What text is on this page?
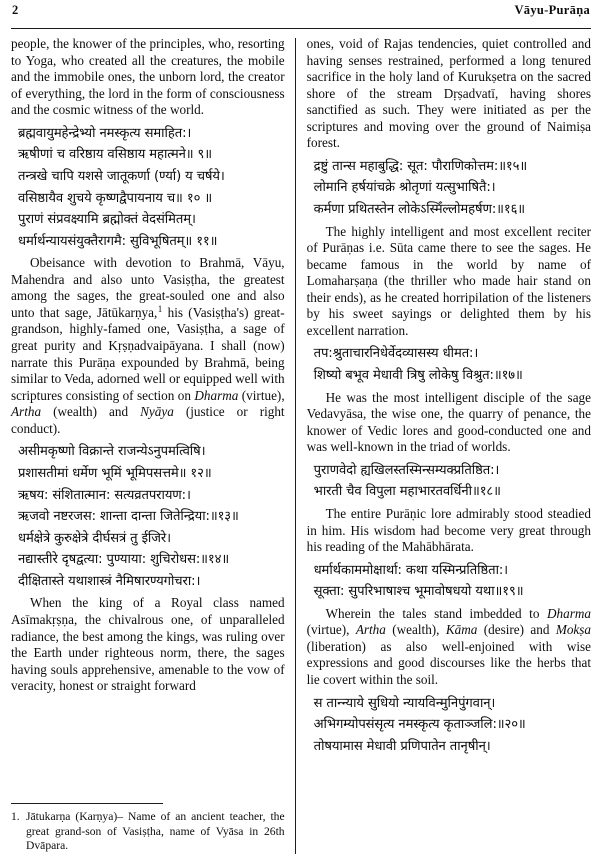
2	Vāyu-Purāṇa

people, the knower of the principles, who, resorting to Yoga, who created all the creatures, the mobile and the immobile ones, the unborn lord, the creator of everything, the lord in the form of consciousness and the cosmic witness of the world.

ब्रह्मवायुमहेन्द्रेभ्यो नमस्कृत्य समाहित:।
ऋषीणां च वरिष्ठाय वसिष्ठाय महात्मने॥ ९॥
तन्त्रखे चापि यशसे जातूकर्णा (र्ण्या) य चर्षये।
वसिष्ठायैव शुचये कृष्णद्वैपायनाय च॥ १० ॥
पुराणं संप्रवक्ष्यामि ब्रह्मोक्तं वेदसंमितम्।
धर्मार्थन्यायसंयुक्तैरागमै: सुविभूषितम्॥ ११॥

Obeisance with devotion to Brahmā, Vāyu, Mahendra and also unto Vasiṣṭha, the greatest among the sages, the great-souled one and also unto that sage, Jātūkarṇya,$^1$ his (Vasiṣṭha's) great-grandson, highly-famed one, Vasiṣṭha, a sage of great purity and Kṛṣṇadvaipāyana. I shall (now) narrate this Purāṇa expounded by Brahmā, being similar to Veda, adorned well or equipped well with scriptures consisting of section on Dharma (virtue), Artha (wealth) and Nyāya (justice or right conduct).

असीमकृष्णो विक्रान्ते राजन्येऽनुपमत्विषि।
प्रशासतीमां धर्मेण भूमिं भूमिपसत्तमे॥ १२॥
ऋषय: संशितात्मान: सत्यव्रतपरायण:।
ऋजवो नष्टरजस: शान्ता दान्ता जितेन्द्रिया:॥१३॥
धर्मक्षेत्रे कुरुक्षेत्रे दीर्घसत्रं तु ईजिरे।
नद्यास्तीरे दृषद्वत्या: पुण्याया: शुचिरोधस:॥१४॥
दीक्षितास्ते यथाशास्त्रं नैमिषारण्यगोचरा:।

When the king of a Royal class named Asīmakṛṣṇa, the chivalrous one, of unparalleled radiance, the best among the kings, was ruling over the Earth under righteous norm, there, the sages having souls apprehensive, amenable to the vow of veracity, honest or straight forward

1. Jātukarṇa (Karṇya)– Name of an ancient teacher, the great grand-son of Vasiṣṭha, name of Vyāsa in 26th Dvāpara.

ones, void of Rajas tendencies, quiet controlled and having senses restrained, performed a long tenured sacrifice in the holy land of Kurukṣetra on the sacred shore of the stream Dṛṣadvatī, having shores sanctified as such. They were initiated as per the scriptures and moving over the ground of Naimiṣa forest.

द्रष्टुं तान्स महाबुद्धि: सूत: पौराणिकोत्तम:॥१५॥
लोमानि हर्षयांचक्रे श्रोतृणां यत्सुभाषितै:।
कर्मणा प्रथितस्तेन लोकेऽस्मिँल्लोमहर्षण:॥१६॥

The highly intelligent and most excellent reciter of Purāṇas i.e. Sūta came there to see the sages. He became famous in the world by name of Lomaharṣaṇa (the thriller who made hair stand on their ends), as he created horripilation of the listeners by his sweet sayings or delighted them by his excellent narration.

तप:श्रुताचारनिधेर्वेदव्यासस्य धीमत:।
शिष्यो बभूव मेधावी त्रिषु लोकेषु विश्रुत:॥१७॥

He was the most intelligent disciple of the sage Vedavyāsa, the wise one, the quarry of penance, the knower of Vedic lores and good-conducted one and was well-known in the triad of worlds.

पुराणवेदो ह्यखिलस्तस्मिन्सम्यक्प्रतिष्ठित:।
भारती चैव विपुला महाभारतवर्धिनी॥१८॥

The entire Purāṇic lore admirably stood steadied in him. His wisdom had become very great through his reading of the Mahābhārata.

धर्मार्थकाममोक्षार्था: कथा यस्मिन्प्रतिष्ठिता:।
सूक्ता: सुपरिभाषाश्च भूमावोषधयो यथा॥१९॥

Wherein the tales stand imbedded to Dharma (virtue), Artha (wealth), Kāma (desire) and Mokṣa (liberation) as also well-enjoined with wise expressions and good discourses like the herbs that lie covert within the soil.

स तान्न्याये सुधियो न्यायविन्मुनिपुंगवान्।
अभिगम्योपसंसृत्य नमस्कृत्य कृताञ्जलि:॥२०॥
तोषयामास मेधावी प्रणिपातेन तानृषीन्।
